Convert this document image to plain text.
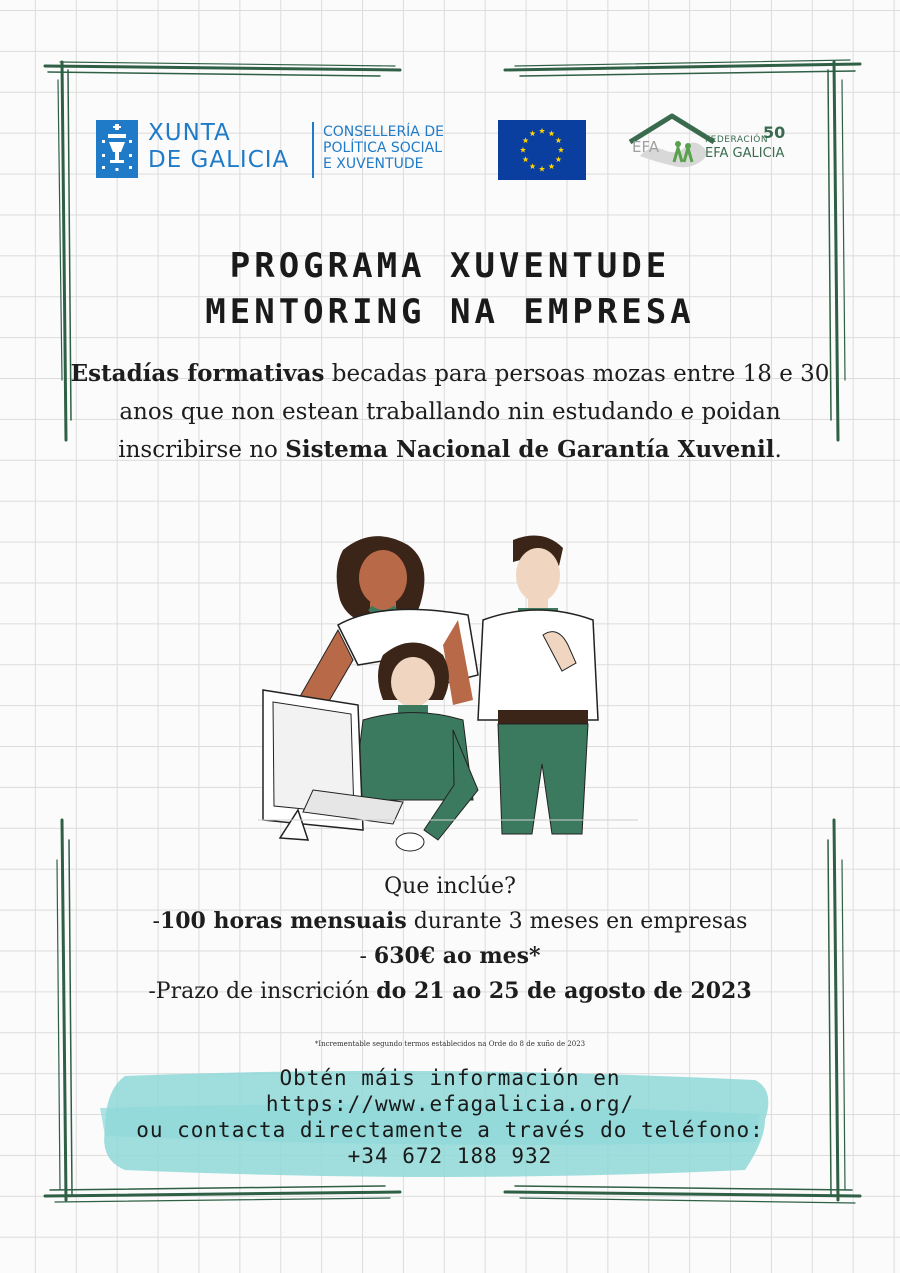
XUNTA
DE GALICIA
CONSELLERÍA DE
POLÍTICA SOCIAL
E XUVENTUDE
EFA
50
FEDERACIÓN
EFA GALICIA
PROGRAMA XUVENTUDE
MENTORING NA EMPRESA

Estadías formativas becadas para persoas mozas entre 18 e 30 anos que non estean traballando nin estudando e poidan inscribirse no Sistema Nacional de Garantía Xuvenil.

Que inclúe?
-100 horas mensuais durante 3 meses en empresas
- 630€ ao mes*
-Prazo de inscrición do 21 ao 25 de agosto de 2023
*Incrementable segundo termos establecidos na Orde do 8 de xuño de 2023
Obtén máis información en
https://www.efagalicia.org/
ou contacta directamente a través do teléfono:
+34 672 188 932
